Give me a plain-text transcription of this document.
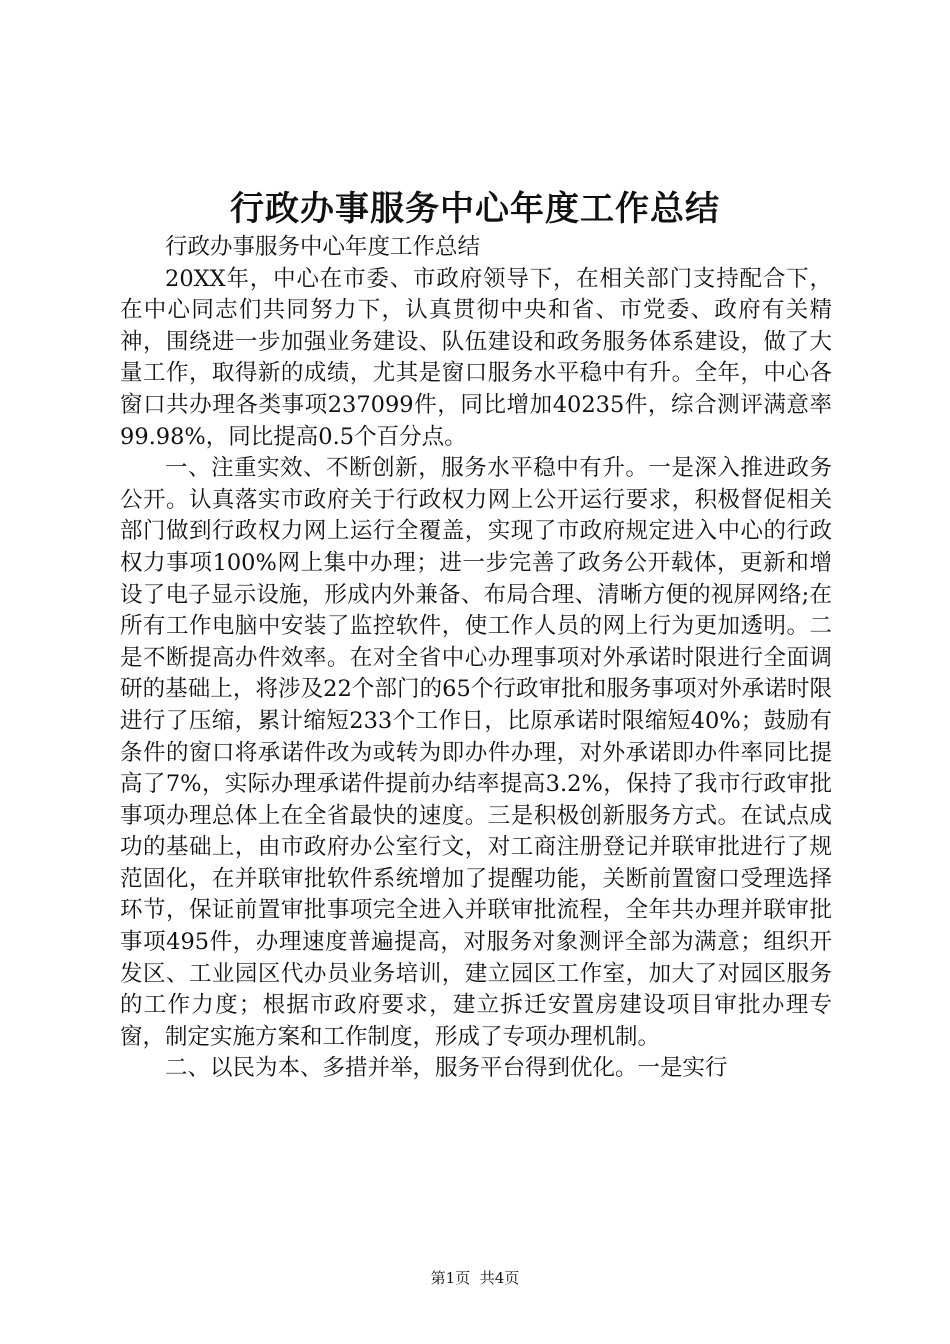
行政办事服务中心年度工作总结

行政办事服务中心年度工作总结

20XX年，中心在市委、市政府领导下，在相关部门支持配合下，在中心同志们共同努力下，认真贯彻中央和省、市党委、政府有关精神，围绕进一步加强业务建设、队伍建设和政务服务体系建设，做了大量工作，取得新的成绩，尤其是窗口服务水平稳中有升。全年，中心各窗口共办理各类事项237099件，同比增加40235件，综合测评满意率99.98%，同比提高0.5个百分点。

一、注重实效、不断创新，服务水平稳中有升。一是深入推进政务公开。认真落实市政府关于行政权力网上公开运行要求，积极督促相关部门做到行政权力网上运行全覆盖，实现了市政府规定进入中心的行政权力事项100%网上集中办理；进一步完善了政务公开载体，更新和增设了电子显示设施，形成内外兼备、布局合理、清晰方便的视屏网络;在所有工作电脑中安装了监控软件，使工作人员的网上行为更加透明。二是不断提高办件效率。在对全省中心办理事项对外承诺时限进行全面调研的基础上，将涉及22个部门的65个行政审批和服务事项对外承诺时限进行了压缩，累计缩短233个工作日，比原承诺时限缩短40%；鼓励有条件的窗口将承诺件改为或转为即办件办理，对外承诺即办件率同比提高了7%，实际办理承诺件提前办结率提高3.2%，保持了我市行政审批事项办理总体上在全省最快的速度。三是积极创新服务方式。在试点成功的基础上，由市政府办公室行文，对工商注册登记并联审批进行了规范固化，在并联审批软件系统增加了提醒功能，关断前置窗口受理选择环节，保证前置审批事项完全进入并联审批流程，全年共办理并联审批事项495件，办理速度普遍提高，对服务对象测评全部为满意；组织开发区、工业园区代办员业务培训，建立园区工作室，加大了对园区服务的工作力度；根据市政府要求，建立拆迁安置房建设项目审批办理专窗，制定实施方案和工作制度，形成了专项办理机制。

二、以民为本、多措并举，服务平台得到优化。一是实行

第1页 共4页
